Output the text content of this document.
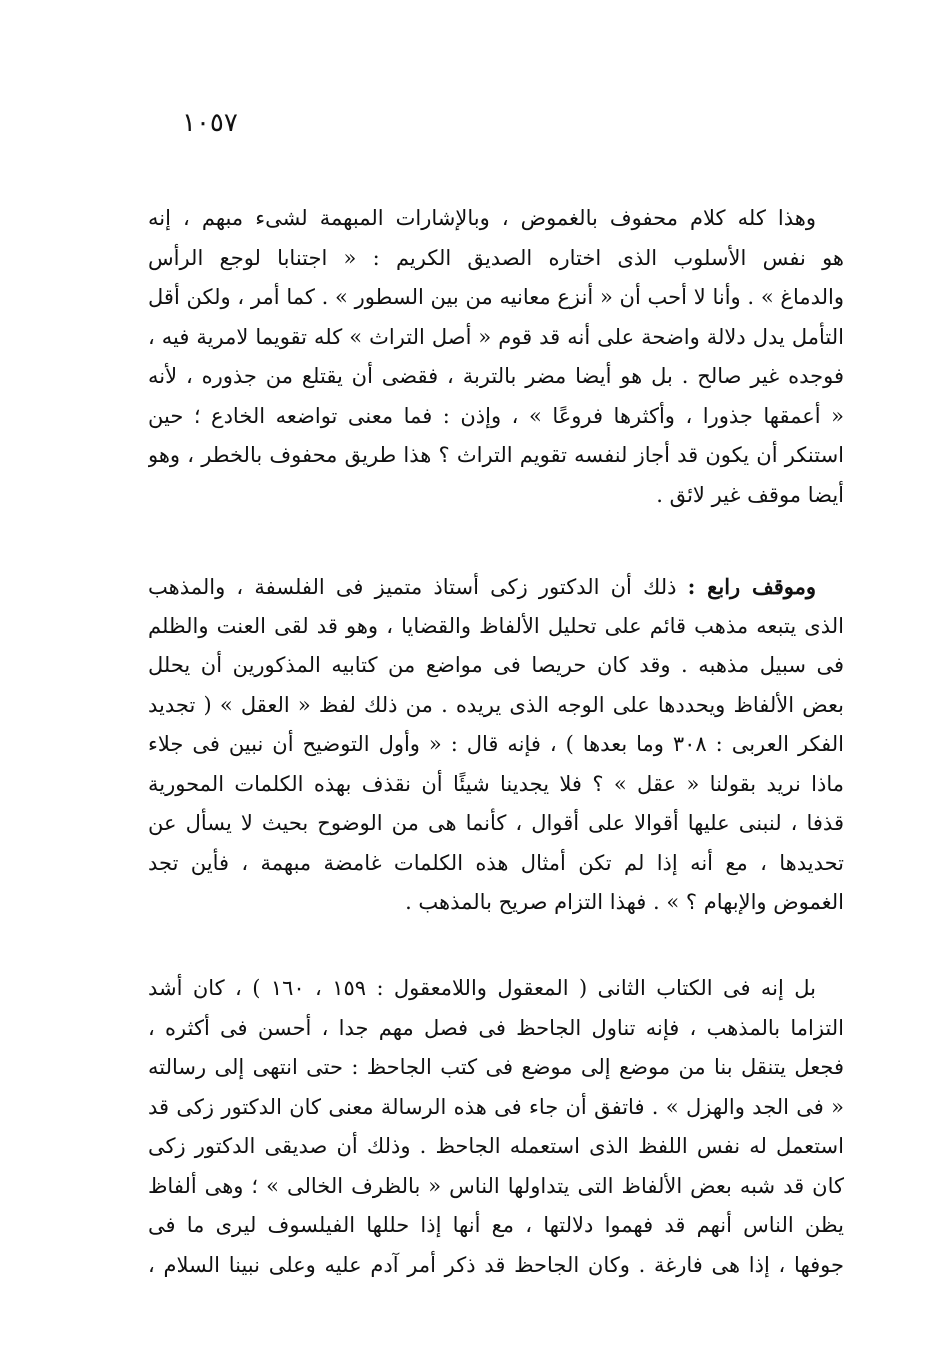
١٠٥٧
وهذا كله كلام محفوف بالغموض ، وبالإشارات المبهمة لشىء مبهم ، إنه
هو نفس الأسلوب الذى اختاره الصديق الكريم : « اجتنابا لوجع الرأس
والدماغ » . وأنا لا أحب أن « أنزع معانيه من بين السطور » . كما أمر ، ولكن أقل
التأمل يدل دلالة واضحة على أنه قد قوم « أصل التراث » كله تقويما لامرية فيه ،
فوجده غير صالح . بل هو أيضا مضر بالتربة ، فقضى أن يقتلع من جذوره ، لأنه
« أعمقها جذورا ، وأكثرها فروعًا » ، وإذن : فما معنى تواضعه الخادع ؛ حين
استنكر أن يكون قد أجاز لنفسه تقويم التراث ؟ هذا طريق محفوف بالخطر ، وهو
أيضا موقف غير لائق .
وموقف رابع : ذلك أن الدكتور زكى أستاذ متميز فى الفلسفة ، والمذهب
الذى يتبعه مذهب قائم على تحليل الألفاظ والقضايا ، وهو قد لقى العنت والظلم
فى سبيل مذهبه . وقد كان حريصا فى مواضع من كتابيه المذكورين أن يحلل
بعض الألفاظ ويحددها على الوجه الذى يريده . من ذلك لفظ « العقل » ( تجديد
الفكر العربى : ٣٠٨ وما بعدها ) ، فإنه قال : « وأول التوضيح أن نبين فى جلاء
ماذا نريد بقولنا « عقل » ؟ فلا يجدينا شيئًا أن نقذف بهذه الكلمات المحورية
قذفا ، لنبنى عليها أقوالا على أقوال ، كأنما هى من الوضوح بحيث لا يسأل عن
تحديدها ، مع أنه إذا لم تكن أمثال هذه الكلمات غامضة مبهمة ، فأين تجد
الغموض والإبهام ؟ » . فهذا التزام صريح بالمذهب .
بل إنه فى الكتاب الثانى ( المعقول واللامعقول : ١٥٩ ، ١٦٠ ) ، كان أشد
التزاما بالمذهب ، فإنه تناول الجاحظ فى فصل مهم جدا ، أحسن فى أكثره ،
فجعل يتنقل بنا من موضع إلى موضع فى كتب الجاحظ : حتى انتهى إلى رسالته
« فى الجد والهزل » . فاتفق أن جاء فى هذه الرسالة معنى كان الدكتور زكى قد
استعمل له نفس اللفظ الذى استعمله الجاحظ . وذلك أن صديقى الدكتور زكى
كان قد شبه بعض الألفاظ التى يتداولها الناس « بالظرف الخالى » ؛ وهى ألفاظ
يظن الناس أنهم قد فهموا دلالتها ، مع أنها إذا حللها الفيلسوف ليرى ما فى
جوفها ، إذا هى فارغة . وكان الجاحظ قد ذكر أمر آدم عليه وعلى نبينا السلام ،
